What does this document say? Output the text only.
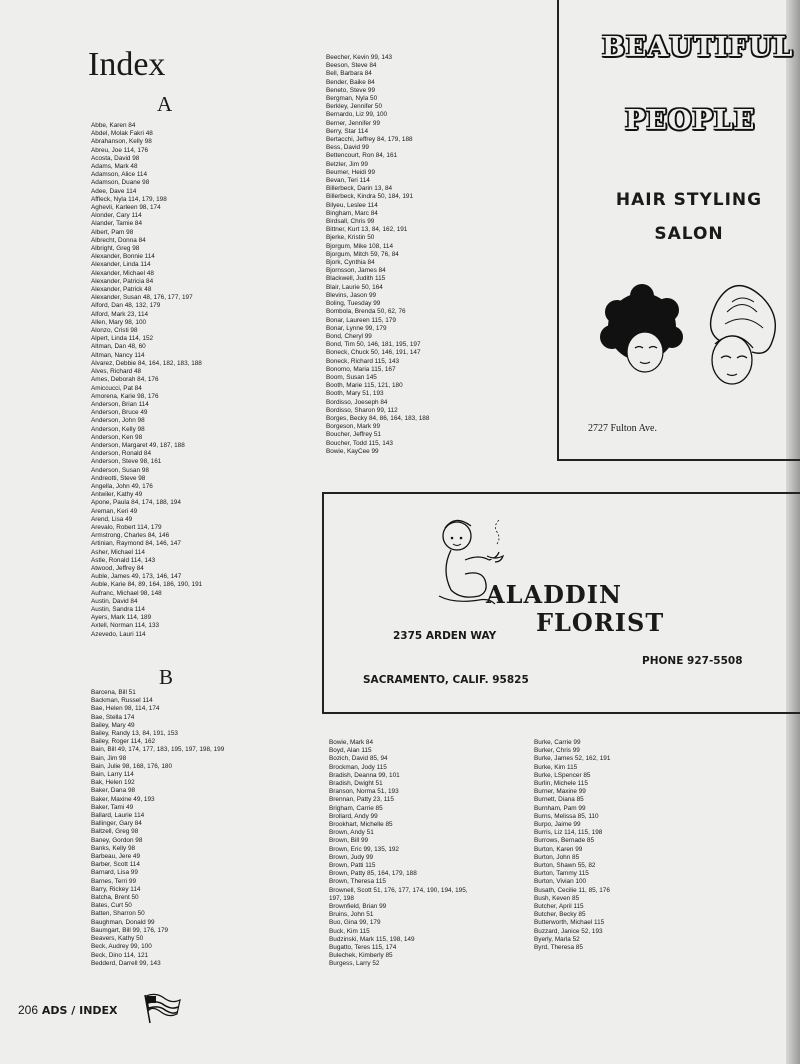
Index
A
B
Abbe, Karen 84
Abdel, Molak Fakri 48
Abrahanson, Kelly 98
Abreu, Joe 114, 176
Acosta, David 98
Adams, Mark 48
Adamson, Alice 114
Adamson, Duane 98
Adee, Dave 114
Affleck, Nyla 114, 179, 198
Aghevli, Karleen 98, 174
Alonder, Cary 114
Alander, Tamie 84
Albert, Pam 98
Albrecht, Donna 84
Albright, Greg 98
Alexander, Bonnie 114
Alexander, Linda 114
Alexander, Michael 48
Alexander, Patricia 84
Alexander, Patrick 48
Alexander, Susan 48, 176, 177, 197
Alford, Dan 48, 132, 179
Alford, Mark 23, 114
Allen, Mary 98, 100
Alonzo, Cristi 98
Alpert, Linda 114, 152
Altman, Dan 48, 60
Altman, Nancy 114
Alvarez, Debbie 84, 164, 182, 183, 188
Alves, Richard 48
Ames, Deborah 84, 176
Amiccucci, Pat 84
Amorena, Karie 98, 176
Anderson, Brian 114
Anderson, Bruce 49
Anderson, John 98
Anderson, Kelly 98
Anderson, Ken 98
Anderson, Margaret 49, 187, 188
Anderson, Ronald 84
Anderson, Steve 98, 161
Anderson, Susan 98
Andreotti, Steve 98
Angella, John 49, 176
Antwiler, Kathy 49
Apone, Paula 84, 174, 188, 194
Areman, Keri 49
Arend, Lisa 49
Arevalo, Robert 114, 179
Armstrong, Charles 84, 146
Artinian, Raymond 84, 146, 147
Asher, Michael 114
Astle, Ronald 114, 143
Atwood, Jeffrey 84
Auble, James 49, 173, 146, 147
Auble, Karie 84, 89, 164, 186, 190, 191
Aufranc, Michael 98, 148
Austin, David 84
Austin, Sandra 114
Ayers, Mark 114, 189
Axtell, Norman 114, 133
Azevedo, Lauri 114
Barcena, Bill 51
Backman, Russel 114
Bae, Helen 98, 114, 174
Bae, Stella 174
Bailey, Mary 49
Bailey, Randy 13, 84, 191, 153
Bailey, Roger 114, 162
Bain, Bill 49, 174, 177, 183, 195, 197, 198, 199
Bain, Jim 98
Bain, Julie 98, 168, 176, 180
Bain, Larry 114
Bak, Helen 192
Baker, Dana 98
Baker, Maxine 49, 193
Baker, Tami 49
Ballard, Laurie 114
Ballinger, Gary 84
Baltzell, Greg 98
Baney, Gordon 98
Banks, Kelly 98
Barbeau, Jere 49
Barber, Scott 114
Barnard, Lisa 99
Barnes, Terri 99
Barry, Rickey 114
Batcha, Brent 50
Bates, Curt 50
Batten, Sharron 50
Baughman, Donald 99
Baumgart, Bill 99, 176, 179
Beavers, Kathy 50
Beck, Audrey 99, 100
Beck, Dino 114, 121
Bedderd, Darrell 99, 143
Beecher, Kevin 99, 143
Beeson, Steve 84
Bell, Barbara 84
Bender, Baike 84
Beneto, Steve 99
Bergman, Nyla 50
Berkley, Jennifer 50
Bernardo, Liz 99, 100
Berner, Jennifer 99
Berry, Star 114
Bertacchi, Jeffrey 84, 179, 188
Bess, David 99
Bettencourt, Ron 84, 161
Betzler, Jim 99
Beumer, Heidi 99
Bevan, Teri 114
Billerbeck, Darin 13, 84
Billerbeck, Kindra 50, 184, 191
Bilyeu, Leslee 114
Bingham, Marc 84
Birdsall, Chris 99
Bittner, Kurt 13, 84, 162, 191
Bjerke, Kristin 50
Bjorgum, Mike 108, 114
Bjorgum, Mitch 59, 76, 84
Bjork, Cynthia 84
Bjornsson, James 84
Blackwell, Judith 115
Blair, Laurie 50, 164
Blevins, Jason 99
Boling, Tuesday 99
Bombola, Brenda 50, 62, 76
Bonar, Laureen 115, 179
Bonar, Lynne 99, 179
Bond, Cheryl 99
Bond, Tim 50, 146, 181, 195, 197
Boneck, Chuck 50, 146, 191, 147
Boneck, Richard 115, 143
Bonomo, Maria 115, 167
Boom, Susan 145
Booth, Marie 115, 121, 180
Booth, Mary 51, 193
Bordisso, Joeseph 84
Bordisso, Sharon 99, 112
Borges, Becky 84, 86, 164, 183, 188
Borgeson, Mark 99
Boucher, Jeffrey 51
Boucher, Todd 115, 143
Bowie, KayCee 99
Bowie, Mark 84
Boyd, Alan 115
Bozich, David 85, 94
Brockman, Jody 115
Bradish, Deanna 99, 101
Bradish, Dwight 51
Branson, Norma 51, 193
Brennan, Patty 23, 115
Brigham, Carrie 85
Brollard, Andy 99
Brookhart, Michelle 85
Brown, Andy 51
Brown, Bill 99
Brown, Eric 99, 135, 192
Brown, Judy 99
Brown, Patti 115
Brown, Patty 85, 164, 179, 188
Brown, Theresa 115
Brownell, Scott 51, 176, 177, 174, 190, 194, 195,
197, 198
Brownfield, Brian 99
Bruins, John 51
Buo, Gina 99, 179
Buck, Kim 115
Budzinski, Mark 115, 198, 149
Bugatto, Teres 115, 174
Bulechek, Kimberly 85
Burgess, Larry 52
Burke, Carrie 99
Burker, Chris 99
Burke, James 52, 162, 191
Burke, Kim 115
Burke, LSpencer 85
Burlin, Michele 115
Burner, Maxine 99
Burnett, Diana 85
Burnham, Pam 99
Burns, Melissa 85, 110
Burpo, Jaime 99
Burris, Liz 114, 115, 198
Burrows, Bernade 85
Burton, Karen 99
Burton, John 85
Burton, Shawn 55, 82
Burton, Tammy 115
Burton, Vivian 100
Busath, Cecilie 11, 85, 176
Bush, Keven 85
Butcher, April 115
Butcher, Becky 85
Butterworth, Michael 115
Buzzard, Janice 52, 193
Byerly, Marla 52
Byrd, Theresa 85
BEAUTIFUL
PEOPLE
HAIR STYLING
SALON
2727 Fulton Ave.
ALADDIN
FLORIST
2375 ARDEN WAY
PHONE 927-5508
SACRAMENTO, CALIF. 95825
206 ADS / INDEX
